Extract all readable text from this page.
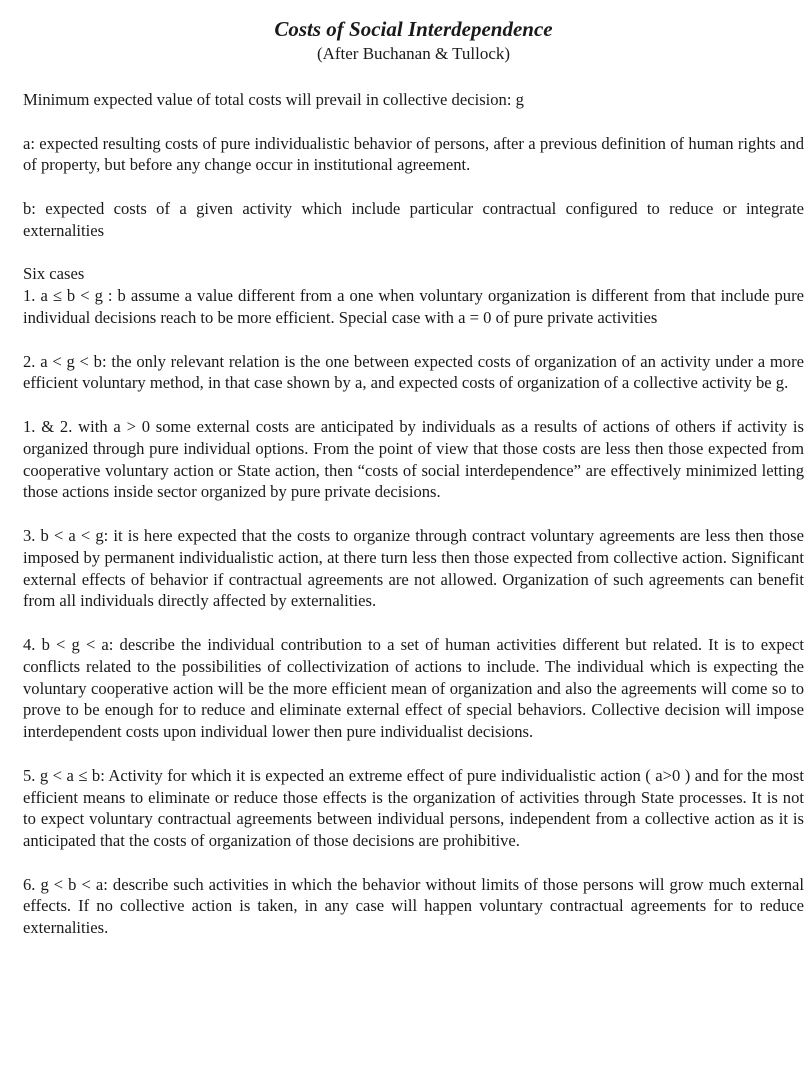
Costs of Social Interdependence

(After Buchanan & Tullock)

Minimum expected value of total costs will prevail in collective decision: g

a: expected resulting costs of pure individualistic behavior of persons, after a previous definition of human rights and of property, but before any change occur in institutional agreement.

b: expected costs of a given activity which include particular contractual configured to reduce or integrate externalities

Six cases

1. a ≤ b < g : b assume a value different from a one when voluntary organization is different from that include pure individual decisions reach to be more efficient. Special case with a = 0 of pure private activities

2. a < g < b: the only relevant relation is the one between expected costs of organization of an activity under a more efficient voluntary method, in that case shown by a, and expected costs of organization of a collective activity be g.

1. & 2. with a > 0 some external costs are anticipated by individuals as a results of actions of others if activity is organized through pure individual options. From the point of view that those costs are less then those expected from cooperative voluntary action or State action, then “costs of social interdependence” are effectively minimized letting those actions inside sector organized by pure private decisions.

3. b < a < g: it is here expected that the costs to organize through contract voluntary agreements are less then those imposed by permanent individualistic action, at there turn less then those expected from collective action. Significant external effects of behavior if contractual agreements are not allowed. Organization of such agreements can benefit from all individuals directly affected by externalities.

4. b < g < a: describe the individual contribution to a set of human activities different but related. It is to expect conflicts related to the possibilities of collectivization of actions to include. The individual which is expecting the voluntary cooperative action will be the more efficient mean of organization and also the agreements will come so to prove to be enough for to reduce and eliminate external effect of special behaviors. Collective decision will impose interdependent costs upon individual lower then pure individualist decisions.

5. g < a ≤ b: Activity for which it is expected an extreme effect of pure individualistic action ( a>0 ) and for the most efficient means to eliminate or reduce those effects is the organization of activities through State processes. It is not to expect voluntary contractual agreements between individual persons, independent from a collective action as it is anticipated that the costs of organization of those decisions are prohibitive.

6. g < b < a: describe such activities in which the behavior without limits of those persons will grow much external effects. If no collective action is taken, in any case will happen voluntary contractual agreements for to reduce externalities.
